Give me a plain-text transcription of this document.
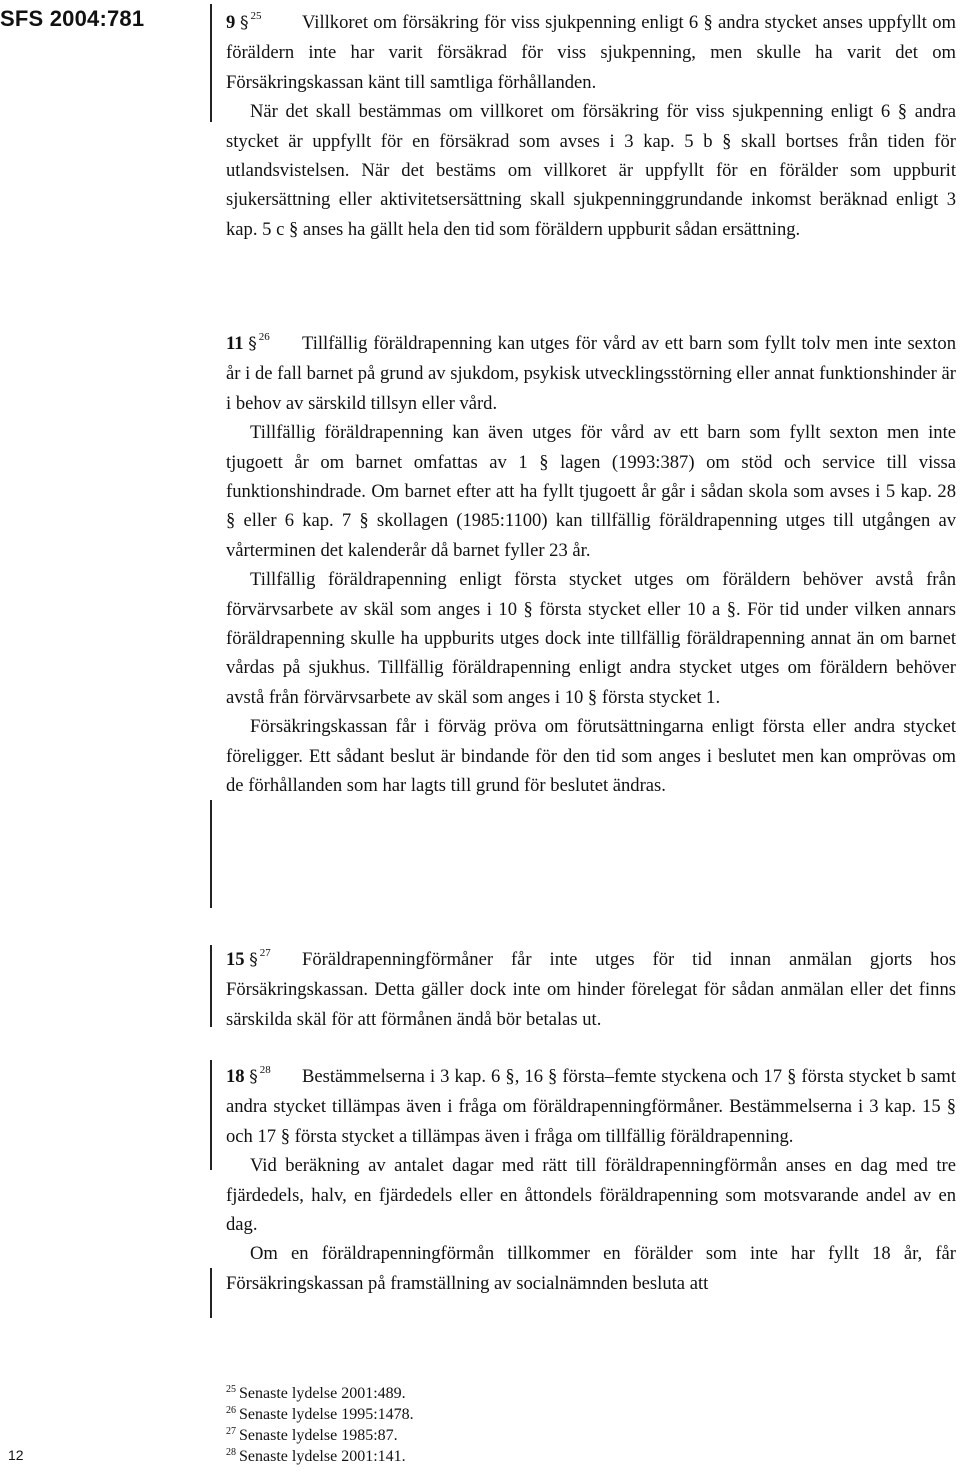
SFS 2004:781	9 § $^{25}$ Villkoret om försäkring för viss sjukpenning enligt 6 § andra stycket anses uppfyllt om föräldern inte har varit försäkrad för viss sjukpenning, men skulle ha varit det om Försäkringskassan känt till samtliga förhållanden.

När det skall bestämmas om villkoret om försäkring för viss sjukpenning enligt 6 § andra stycket är uppfyllt för en försäkrad som avses i 3 kap. 5 b § skall bortses från tiden för utlandsvistelsen. När det bestäms om villkoret är uppfyllt för en förälder som uppburit sjukersättning eller aktivitetsersättning skall sjukpenninggrundande inkomst beräknad enligt 3 kap. 5 c § anses ha gällt hela den tid som föräldern uppburit sådan ersättning.

11 § $^{26}$ Tillfällig föräldrapenning kan utges för vård av ett barn som fyllt tolv men inte sexton år i de fall barnet på grund av sjukdom, psykisk utvecklingsstörning eller annat funktionshinder är i behov av särskild tillsyn eller vård.

Tillfällig föräldrapenning kan även utges för vård av ett barn som fyllt sexton men inte tjugoett år om barnet omfattas av 1 § lagen (1993:387) om stöd och service till vissa funktionshindrade. Om barnet efter att ha fyllt tjugoett år går i sådan skola som avses i 5 kap. 28 § eller 6 kap. 7 § skollagen (1985:1100) kan tillfällig föräldrapenning utges till utgången av vårterminen det kalenderår då barnet fyller 23 år.

Tillfällig föräldrapenning enligt första stycket utges om föräldern behöver avstå från förvärvsarbete av skäl som anges i 10 § första stycket eller 10 a §. För tid under vilken annars föräldrapenning skulle ha uppburits utges dock inte tillfällig föräldrapenning annat än om barnet vårdas på sjukhus. Tillfällig föräldrapenning enligt andra stycket utges om föräldern behöver avstå från förvärvsarbete av skäl som anges i 10 § första stycket 1.

Försäkringskassan får i förväg pröva om förutsättningarna enligt första eller andra stycket föreligger. Ett sådant beslut är bindande för den tid som anges i beslutet men kan omprövas om de förhållanden som har lagts till grund för beslutet ändras.

15 § $^{27}$ Föräldrapenningförmåner får inte utges för tid innan anmälan gjorts hos Försäkringskassan. Detta gäller dock inte om hinder förelegat för sådan anmälan eller det finns särskilda skäl för att förmånen ändå bör betalas ut.

18 § $^{28}$ Bestämmelserna i 3 kap. 6 §, 16 § första–femte styckena och 17 § första stycket b samt andra stycket tillämpas även i fråga om föräldrapenningförmåner. Bestämmelserna i 3 kap. 15 § och 17 § första stycket a tillämpas även i fråga om tillfällig föräldrapenning.

Vid beräkning av antalet dagar med rätt till föräldrapenningförmån anses en dag med tre fjärdedels, halv, en fjärdedels eller en åttondels föräldrapenning som motsvarande andel av en dag.

Om en föräldrapenningförmån tillkommer en förälder som inte har fyllt 18 år, får Försäkringskassan på framställning av socialnämnden besluta att

$^{25}$ Senaste lydelse 2001:489.
$^{26}$ Senaste lydelse 1995:1478.
$^{27}$ Senaste lydelse 1985:87.
$^{28}$ Senaste lydelse 2001:141.
12
